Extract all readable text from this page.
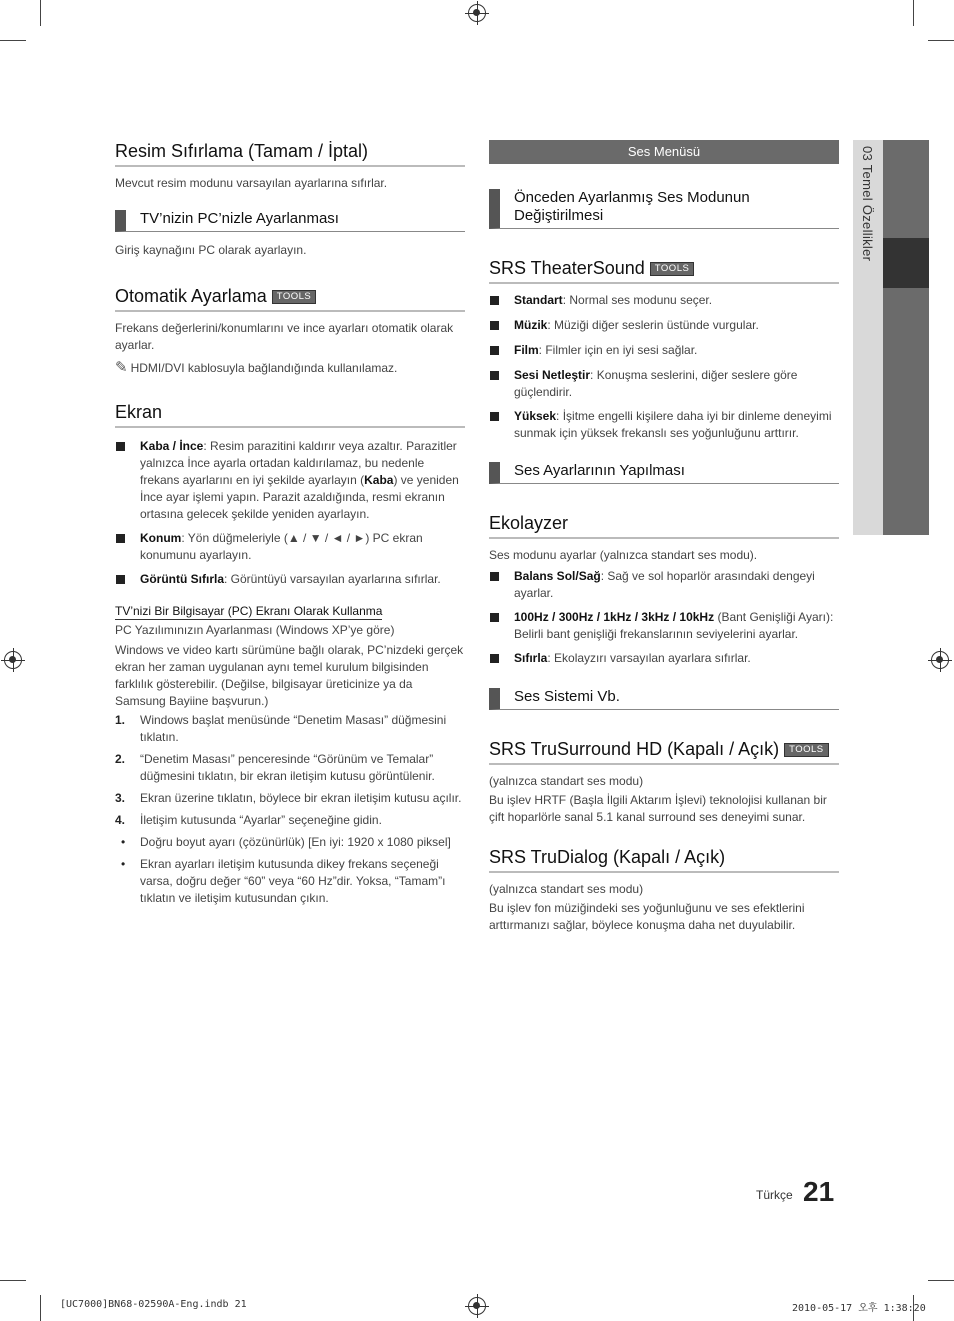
Resim Sıfırlama (Tamam / İptal)
Mevcut resim modunu varsayılan ayarlarına sıfırlar.
TV’nizin PC’nizle Ayarlanması
Giriş kaynağını PC olarak ayarlayın.
Otomatik Ayarlama TOOLS
Frekans değerlerini/konumlarını ve ince ayarları otomatik olarak ayarlar.
✎ HDMI/DVI kablosuyla bağlandığında kullanılamaz.
Ekran
Kaba / İnce: Resim parazitini kaldırır veya azaltır. Parazitler yalnızca İnce ayarla ortadan kaldırılamaz, bu nedenle frekans ayarlarını en iyi şekilde ayarlayın (Kaba) ve yeniden İnce ayar işlemi yapın. Parazit azaldığında, resmi ekranın ortasına gelecek şekilde yeniden ayarlayın.
Konum: Yön düğmeleriyle (▲ / ▼ / ◄ / ►) PC ekran konumunu ayarlayın.
Görüntü Sıfırla: Görüntüyü varsayılan ayarlarına sıfırlar.
TV’nizi Bir Bilgisayar (PC) Ekranı Olarak Kullanma
PC Yazılımınızın Ayarlanması (Windows XP’ye göre)
Windows ve video kartı sürümüne bağlı olarak, PC’nizdeki gerçek ekran her zaman uygulanan aynı temel kurulum bilgisinden farklılık gösterebilir. (Değilse, bilgisayar üreticinize ya da Samsung Bayiine başvurun.)
1. Windows başlat menüsünde “Denetim Masası” düğmesini tıklatın.
2. “Denetim Masası” penceresinde “Görünüm ve Temalar” düğmesini tıklatın, bir ekran iletişim kutusu görüntülenir.
3. Ekran üzerine tıklatın, böylece bir ekran iletişim kutusu açılır.
4. İletişim kutusunda “Ayarlar” seçeneğine gidin.
• Doğru boyut ayarı (çözünürlük) [En iyi: 1920 x 1080 piksel]
• Ekran ayarları iletişim kutusunda dikey frekans seçeneği varsa, doğru değer “60” veya “60 Hz”dir. Yoksa, “Tamam”ı tıklatın ve iletişim kutusundan çıkın.
Ses Menüsü
Önceden Ayarlanmış Ses Modunun Değiştirilmesi
SRS TheaterSound TOOLS
Standart: Normal ses modunu seçer.
Müzik: Müziği diğer seslerin üstünde vurgular.
Film: Filmler için en iyi sesi sağlar.
Sesi Netleştir: Konuşma seslerini, diğer seslere göre güçlendirir.
Yüksek: İşitme engelli kişilere daha iyi bir dinleme deneyimi sunmak için yüksek frekanslı ses yoğunluğunu arttırır.
Ses Ayarlarının Yapılması
Ekolayzer
Ses modunu ayarlar (yalnızca standart ses modu).
Balans Sol/Sağ: Sağ ve sol hoparlör arasındaki dengeyi ayarlar.
100Hz / 300Hz / 1kHz / 3kHz / 10kHz (Bant Genişliği Ayarı): Belirli bant genişliği frekanslarının seviyelerini ayarlar.
Sıfırla: Ekolayzırı varsayılan ayarlara sıfırlar.
Ses Sistemi Vb.
SRS TruSurround HD (Kapalı / Açık) TOOLS
(yalnızca standart ses modu)
Bu işlev HRTF (Başla İlgili Aktarım İşlevi) teknolojisi kullanan bir çift hoparlörle sanal 5.1 kanal surround ses deneyimi sunar.
SRS TruDialog (Kapalı / Açık)
(yalnızca standart ses modu)
Bu işlev fon müziğindeki ses yoğunluğunu ve ses efektlerini arttırmanızı sağlar, böylece konuşma daha net duyulabilir.
03 Temel Özellikler
Türkçe 21
[UC7000]BN68-02590A-Eng.indb 21	2010-05-17 오후 1:38:20
